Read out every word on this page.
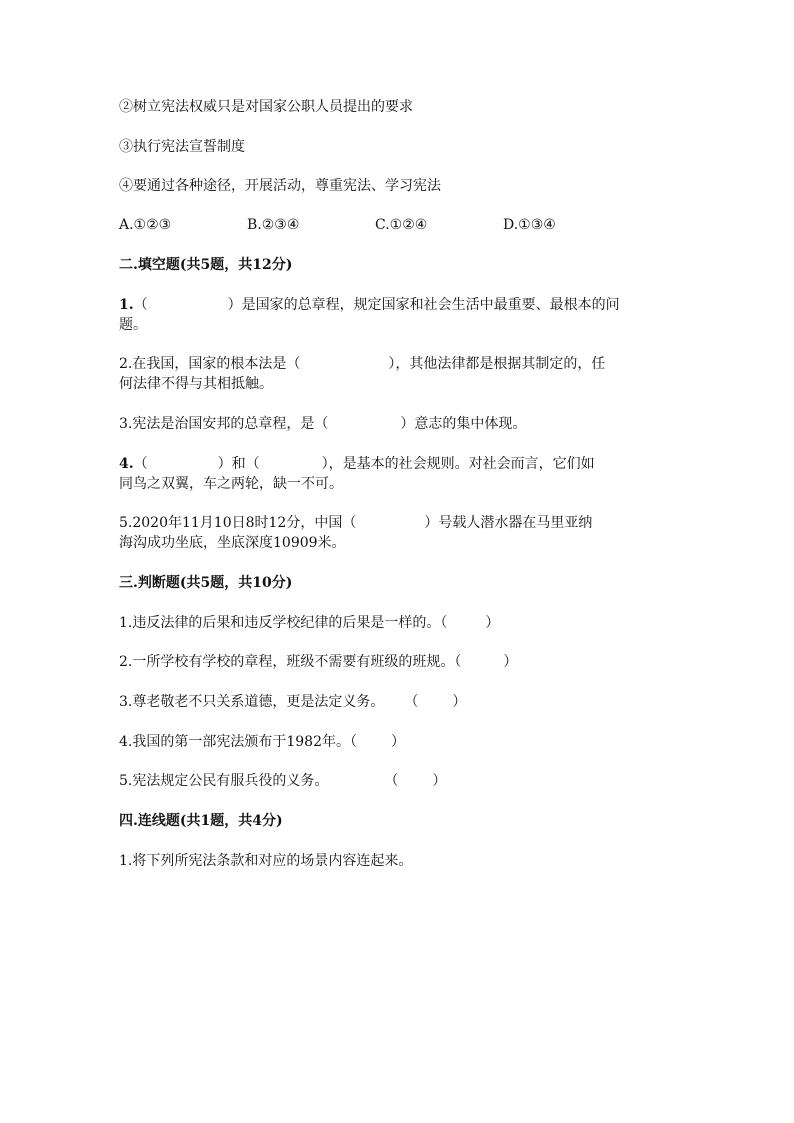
②树立宪法权威只是对国家公职人员提出的要求
③执行宪法宣誓制度
④要通过各种途径，开展活动，尊重宪法、学习宪法
A.①②③	B.②③④	C.①②④	D.①③④
二.填空题(共5题，共12分)
1.（	）是国家的总章程，规定国家和社会生活中最重要、最根本的问
题。
2.在我国，国家的根本法是（	），其他法律都是根据其制定的，任
何法律不得与其相抵触。
3.宪法是治国安邦的总章程，是（	）意志的集中体现。
4.（	）和（	），是基本的社会规则。对社会而言，它们如
同鸟之双翼，车之两轮，缺一不可。
5.2020年11月10日8时12分，中国（	）号载人潜水器在马里亚纳
海沟成功坐底，坐底深度10909米。
三.判断题(共5题，共10分)
1.违反法律的后果和违反学校纪律的后果是一样的。（	）
2.一所学校有学校的章程，班级不需要有班级的班规。（	）
3.尊老敬老不只关系道德，更是法定义务。 （ ）
4.我国的第一部宪法颁布于1982年。（ ）
5.宪法规定公民有服兵役的义务。	（ ）
四.连线题(共1题，共4分)
1.将下列所宪法条款和对应的场景内容连起来。
